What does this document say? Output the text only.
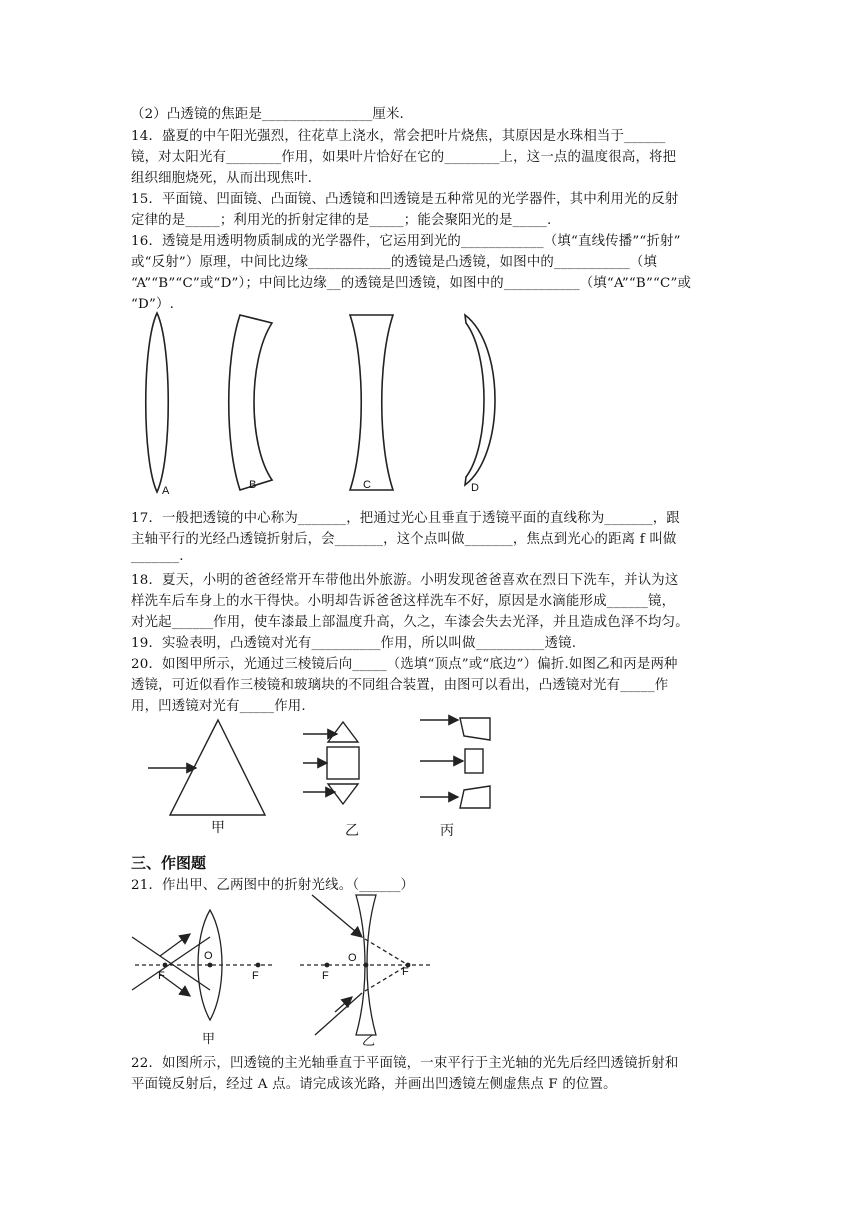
（2）凸透镜的焦距是________________厘米.
14．盛夏的中午阳光强烈，往花草上浇水，常会把叶片烧焦，其原因是水珠相当于______
镜，对太阳光有________作用，如果叶片恰好在它的________上，这一点的温度很高，将把
组织细胞烧死，从而出现焦叶.
15．平面镜、凹面镜、凸面镜、凸透镜和凹透镜是五种常见的光学器件，其中利用光的反射
定律的是_____；利用光的折射定律的是_____；能会聚阳光的是_____.
16．透镜是用透明物质制成的光学器件，它运用到光的____________（填“直线传播”“折射”
或“反射”）原理，中间比边缘____________的透镜是凸透镜，如图中的___________（填
“A”“B”“C”或“D”）；中间比边缘__的透镜是凹透镜，如图中的___________（填“A”“B”“C”或
“D”）.
A	B	C	D
17．一般把透镜的中心称为_______，把通过光心且垂直于透镜平面的直线称为_______，跟
主轴平行的光经凸透镜折射后，会_______，这个点叫做_______，焦点到光心的距离 f 叫做
_______.
18．夏天，小明的爸爸经常开车带他出外旅游。小明发现爸爸喜欢在烈日下洗车，并认为这
样洗车后车身上的水干得快。小明却告诉爸爸这样洗车不好，原因是水滴能形成______镜，
对光起______作用，使车漆最上部温度升高，久之，车漆会失去光泽，并且造成色泽不均匀。
19．实验表明，凸透镜对光有__________作用，所以叫做__________透镜.
20．如图甲所示，光通过三棱镜后向_____（选填“顶点”或“底边”）偏折.如图乙和丙是两种
透镜，可近似看作三棱镜和玻璃块的不同组合装置，由图可以看出，凸透镜对光有_____作
用，凹透镜对光有_____作用.
甲	乙	丙
三、作图题
21．作出甲、乙两图中的折射光线。（______）
O
F	F
O
F	F
甲	乙
22．如图所示，凹透镜的主光轴垂直于平面镜，一束平行于主光轴的光先后经凹透镜折射和
平面镜反射后，经过 A 点。请完成该光路，并画出凹透镜左侧虚焦点 F 的位置。
